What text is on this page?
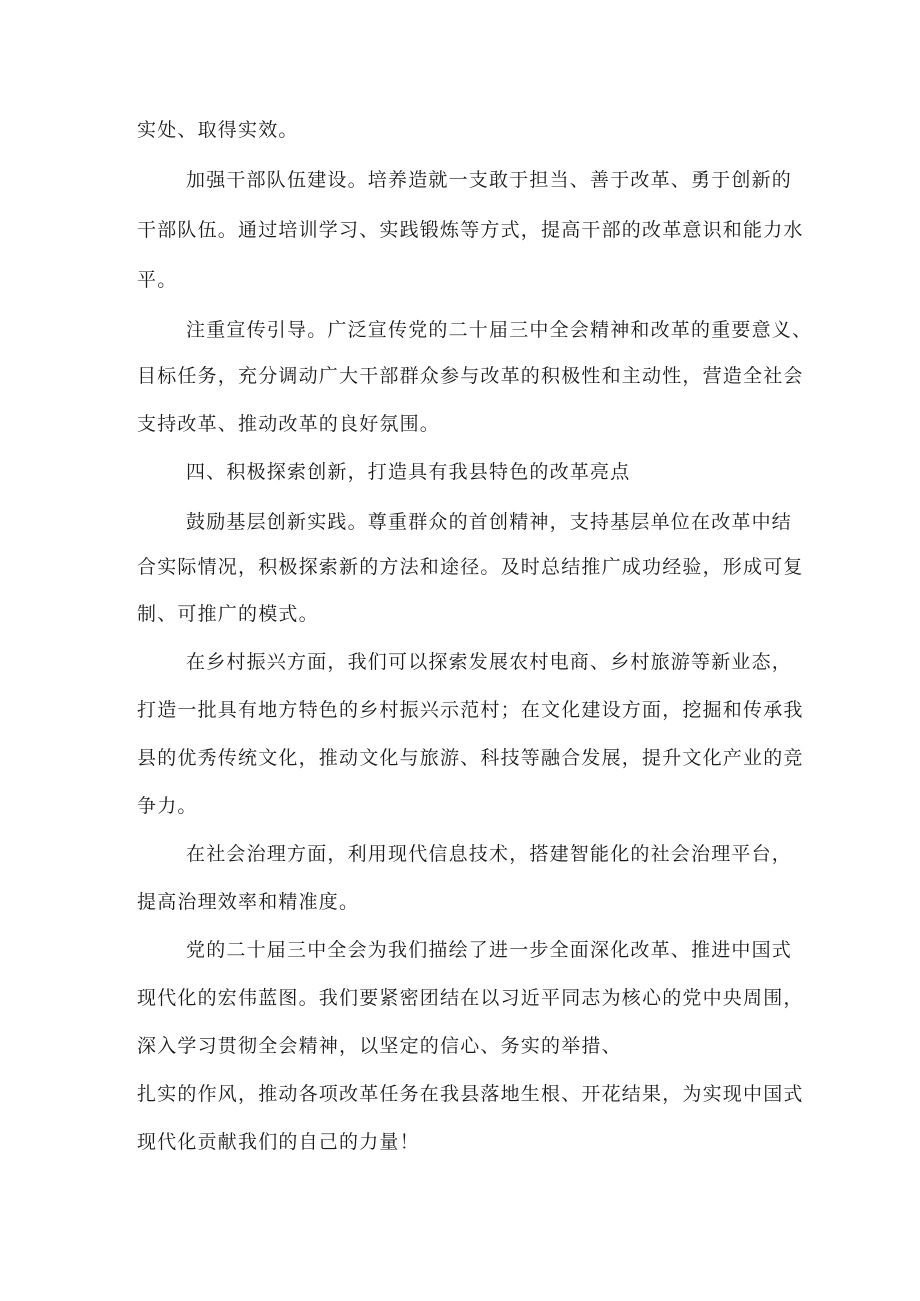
实处、取得实效。
加强干部队伍建设。培养造就一支敢于担当、善于改革、勇于创新的
干部队伍。通过培训学习、实践锻炼等方式，提高干部的改革意识和能力水
平。
注重宣传引导。广泛宣传党的二十届三中全会精神和改革的重要意义、
目标任务，充分调动广大干部群众参与改革的积极性和主动性，营造全社会
支持改革、推动改革的良好氛围。
四、积极探索创新，打造具有我县特色的改革亮点
鼓励基层创新实践。尊重群众的首创精神，支持基层单位在改革中结
合实际情况，积极探索新的方法和途径。及时总结推广成功经验，形成可复
制、可推广的模式。
在乡村振兴方面，我们可以探索发展农村电商、乡村旅游等新业态，
打造一批具有地方特色的乡村振兴示范村；在文化建设方面，挖掘和传承我
县的优秀传统文化，推动文化与旅游、科技等融合发展，提升文化产业的竞
争力。
在社会治理方面，利用现代信息技术，搭建智能化的社会治理平台，
提高治理效率和精准度。
党的二十届三中全会为我们描绘了进一步全面深化改革、推进中国式
现代化的宏伟蓝图。我们要紧密团结在以习近平同志为核心的党中央周围，
深入学习贯彻全会精神，以坚定的信心、务实的举措、
扎实的作风，推动各项改革任务在我县落地生根、开花结果，为实现中国式
现代化贡献我们的自己的力量！
